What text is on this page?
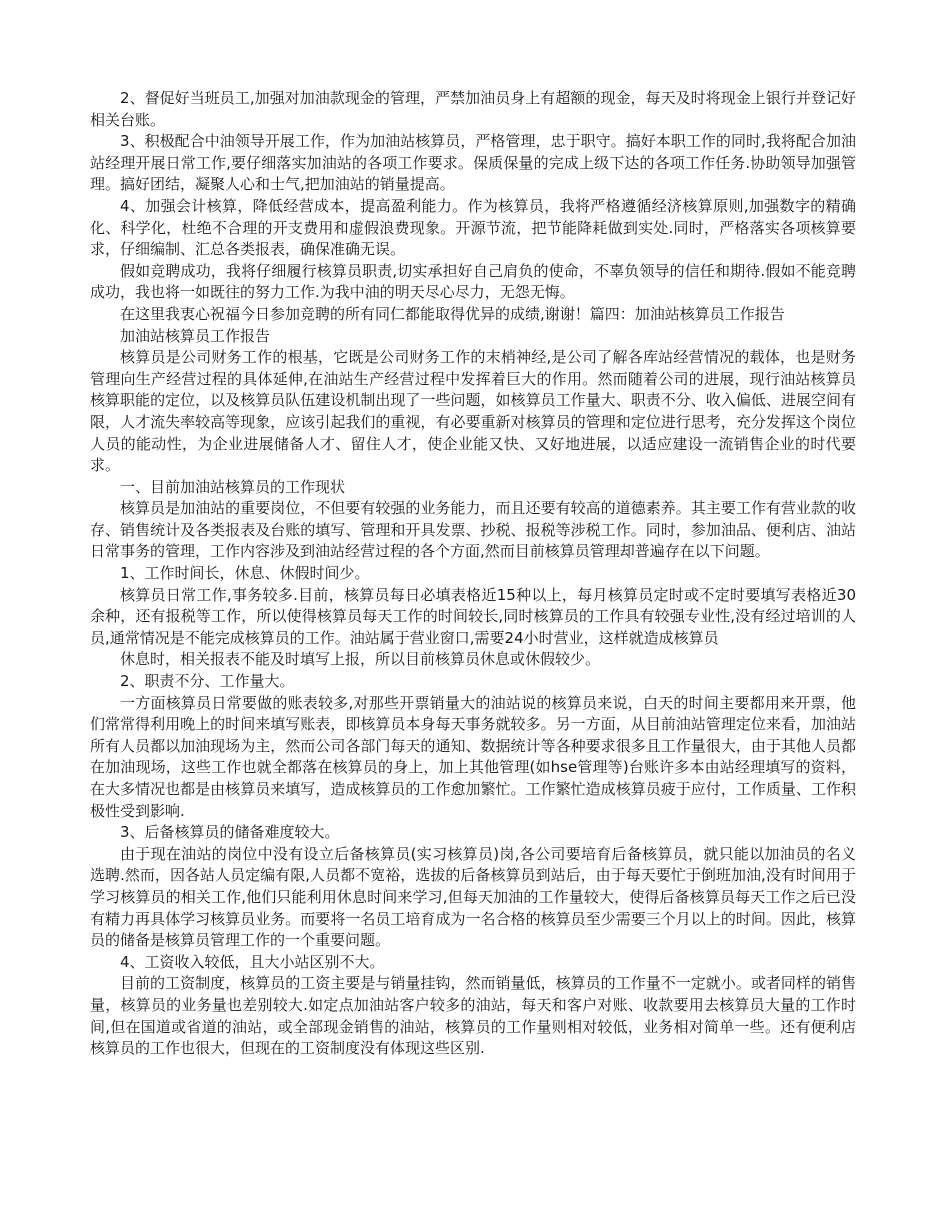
2、督促好当班员工,加强对加油款现金的管理，严禁加油员身上有超额的现金，每天及时将现金上银行并登记好相关台账。

3、积极配合中油领导开展工作，作为加油站核算员，严格管理，忠于职守。搞好本职工作的同时,我将配合加油站经理开展日常工作,要仔细落实加油站的各项工作要求。保质保量的完成上级下达的各项工作任务.协助领导加强管理。搞好团结，凝聚人心和士气,把加油站的销量提高。

4、加强会计核算，降低经营成本，提高盈利能力。作为核算员，我将严格遵循经济核算原则,加强数字的精确化、科学化，杜绝不合理的开支费用和虚假浪费现象。开源节流，把节能降耗做到实处.同时，严格落实各项核算要求，仔细编制、汇总各类报表，确保准确无误。

假如竞聘成功，我将仔细履行核算员职责,切实承担好自己肩负的使命，不辜负领导的信任和期待.假如不能竞聘成功，我也将一如既往的努力工作.为我中油的明天尽心尽力，无怨无悔。

在这里我衷心祝福今日参加竞聘的所有同仁都能取得优异的成绩,谢谢！篇四：加油站核算员工作报告

加油站核算员工作报告

核算员是公司财务工作的根基，它既是公司财务工作的末梢神经,是公司了解各库站经营情况的载体，也是财务管理向生产经营过程的具体延伸,在油站生产经营过程中发挥着巨大的作用。然而随着公司的进展，现行油站核算员核算职能的定位，以及核算员队伍建设机制出现了一些问题，如核算员工作量大、职责不分、收入偏低、进展空间有限，人才流失率较高等现象，应该引起我们的重视，有必要重新对核算员的管理和定位进行思考，充分发挥这个岗位人员的能动性，为企业进展储备人才、留住人才，使企业能又快、又好地进展，以适应建设一流销售企业的时代要求。

一、目前加油站核算员的工作现状

核算员是加油站的重要岗位，不但要有较强的业务能力，而且还要有较高的道德素养。其主要工作有营业款的收存、销售统计及各类报表及台账的填写、管理和开具发票、抄税、报税等涉税工作。同时，参加油品、便利店、油站日常事务的管理，工作内容涉及到油站经营过程的各个方面,然而目前核算员管理却普遍存在以下问题。

1、工作时间长，休息、休假时间少。

核算员日常工作,事务较多.目前，核算员每日必填表格近15种以上，每月核算员定时或不定时要填写表格近30余种，还有报税等工作，所以使得核算员每天工作的时间较长,同时核算员的工作具有较强专业性,没有经过培训的人员,通常情况是不能完成核算员的工作。油站属于营业窗口,需要24小时营业，这样就造成核算员

休息时，相关报表不能及时填写上报，所以目前核算员休息或休假较少。

2、职责不分、工作量大。

一方面核算员日常要做的账表较多,对那些开票销量大的油站说的核算员来说，白天的时间主要都用来开票，他们常常得利用晚上的时间来填写账表，即核算员本身每天事务就较多。另一方面，从目前油站管理定位来看，加油站所有人员都以加油现场为主，然而公司各部门每天的通知、数据统计等各种要求很多且工作量很大，由于其他人员都在加油现场，这些工作也就全都落在核算员的身上，加上其他管理(如hse管理等)台账许多本由站经理填写的资料，在大多情况也都是由核算员来填写，造成核算员的工作愈加繁忙。工作繁忙造成核算员疲于应付，工作质量、工作积极性受到影响.

3、后备核算员的储备难度较大。

由于现在油站的岗位中没有设立后备核算员(实习核算员)岗,各公司要培育后备核算员，就只能以加油员的名义选聘.然而，因各站人员定编有限,人员都不宽裕，选拔的后备核算员到站后，由于每天要忙于倒班加油,没有时间用于学习核算员的相关工作,他们只能利用休息时间来学习,但每天加油的工作量较大，使得后备核算员每天工作之后已没有精力再具体学习核算员业务。而要将一名员工培育成为一名合格的核算员至少需要三个月以上的时间。因此，核算员的储备是核算员管理工作的一个重要问题。

4、工资收入较低，且大小站区别不大。

目前的工资制度，核算员的工资主要是与销量挂钩，然而销量低，核算员的工作量不一定就小。或者同样的销售量，核算员的业务量也差别较大.如定点加油站客户较多的油站，每天和客户对账、收款要用去核算员大量的工作时间,但在国道或省道的油站，或全部现金销售的油站，核算员的工作量则相对较低，业务相对简单一些。还有便利店核算员的工作也很大，但现在的工资制度没有体现这些区别.
